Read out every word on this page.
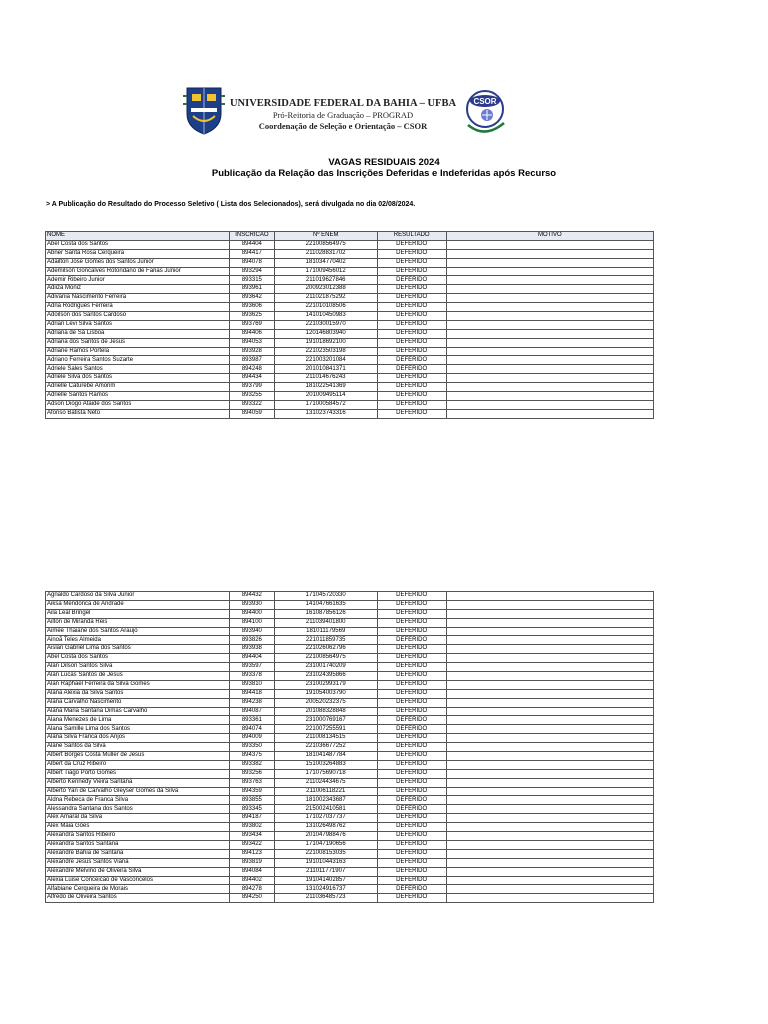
UNIVERSIDADE FEDERAL DA BAHIA – UFBA
Pró-Reitoria de Graduação – PROGRAD
Coordenação de Seleção e Orientação – CSOR
CSOR
VAGAS RESIDUAIS 2024
Publicação da Relação das Inscrições Deferidas e Indeferidas após Recurso
> A Publicação do Resultado do Processo Seletivo ( Lista dos Selecionados), será divulgada no dia 02/08/2024.
NOME	INSCRICAO	Nº ENEM	RESULTADO	MOTIVO
Abel Costa dos Santos	894404	221008564975	DEFERIDO	
Abner Santa Rosa Cerqueira	894417	211028831702	DEFERIDO	
Adailton Jose Gomes dos Santos Junior	894078	181034770402	DEFERIDO	
Ademilson Goncalves Rotondano de Farias Junior	893294	171009456012	DEFERIDO	
Ademir Ribeiro Junior	893315	211019627846	DEFERIDO	
Adiiza Moniz	893961	200923012388	DEFERIDO	
Adivania Nascimento Ferreira	893642	211021875292	DEFERIDO	
Adna Rodrigues Ferreira	893606	221010108506	DEFERIDO	
Adoilson dos Santos Cardoso	893625	141010450983	DEFERIDO	
Adrian Levi Silva Santos	893769	221030015970	DEFERIDO	
Adriana de Sá Lisboa	894406	120146803940	DEFERIDO	
Adriana dos Santos de Jesus	894053	191018692100	DEFERIDO	
Adriane Ramos Portela	893928	221023503198	DEFERIDO	
Adriano Ferreira Santos Suzarte	893987	221003201084	DEFERIDO	
Adriele Sales Santos	894248	201010841371	DEFERIDO	
Adriele Silva dos Santos	894434	211014676243	DEFERIDO	
Adrielle Caturebe Amorim	893799	181022541369	DEFERIDO	
Adrielle Santos Ramos	893255	201009495114	DEFERIDO	
Adson Diogo Ataide dos Santos	893322	171000584572	DEFERIDO	
Afonso Batista Neto	894059	131023743316	DEFERIDO	
Agnaldo Cardoso da Silva Junior	894432	171045720330	DEFERIDO	
Aiksa Mendonca de Andrade	893930	141047661635	DEFERIDO	
Aila Leal Bringel	894400	161087856126	DEFERIDO	
Ailton de Miranda Reis	894100	211039401800	DEFERIDO	
Aimee Thaiane dos Santos Araujo	893940	181011179569	DEFERIDO	
Ainoã Teles Almeida	893826	221011859735	DEFERIDO	
Aislan Gabriel Lima dos Santos	893938	221026062796	DEFERIDO	
Abel Costa dos Santos	894404	221008564975	DEFERIDO	
Alan Dilson Santos Silva	893597	231001740209	DEFERIDO	
Alan Lucas Santos de Jesus	893378	231024395866	DEFERIDO	
Alan Raphael Ferreira da Silva Gomes	893810	231002993179	DEFERIDO	
Alana Alexia da Silva Santos	894418	191054003790	DEFERIDO	
Alana Carvalho Nascimento	894238	200520232375	DEFERIDO	
Alana Maria Santana Dimas Carvalho	894087	201088328848	DEFERIDO	
Alana Menezes de Lima	893361	231000769167	DEFERIDO	
Alana Samille Lima dos Santos	894074	221007255591	DEFERIDO	
Alana Silva Franca dos Anjos	894009	211008134515	DEFERIDO	
Alane Santos da Silva	893350	221036677252	DEFERIDO	
Albert Borges Costa Muller de Jesus	894375	181041487784	DEFERIDO	
Albert da Cruz Ribeiro	893382	151003264883	DEFERIDO	
Albert Tiago Porto Gomes	893256	171075690718	DEFERIDO	
Alberto Kennedy Vieira Santana	893763	211024434675	DEFERIDO	
Alberto Yan de Carvalho Gleyser Gomes da Silva	894359	211006118221	DEFERIDO	
Aldna Rebeca de Franca Silva	893855	181002343687	DEFERIDO	
Alessandra Santana dos Santos	893345	215002410581	DEFERIDO	
Alex Amaral da Silva	894187	171027037737	DEFERIDO	
Alex Maia Góes	893802	131026498762	DEFERIDO	
Alexandra Santos Ribeiro	893434	201047988476	DEFERIDO	
Alexandra Santos Santana	893422	171047190656	DEFERIDO	
Alexandre Bahia de Santana	894123	221008153035	DEFERIDO	
Alexandre Jesus Santos Viana	893819	191010443163	DEFERIDO	
Alexandre Melvino de Oliveira Silva	894084	211011771907	DEFERIDO	
Alexia Luise Conceicao de Vasconcelos	894402	191041402857	DEFERIDO	
Alfabiane Cerqueira de Morais	894278	131024916737	DEFERIDO	
Alfredo de Oliveira Santos	894250	211036485723	DEFERIDO	
